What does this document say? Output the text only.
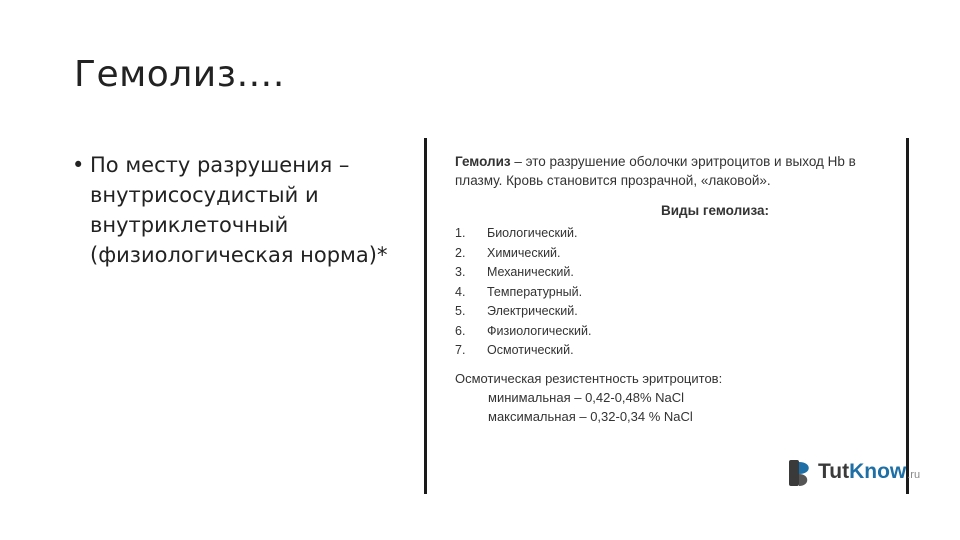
Гемолиз….
• По месту разрушения – внутрисосудистый и внутриклеточный (физиологическая норма)*

Гемолиз – это разрушение оболочки эритроцитов и выход Hb в плазму. Кровь становится прозрачной, «лаковой».

Виды гемолиза:
1. Биологический.
2. Химический.
3. Механический.
4. Температурный.
5. Электрический.
6. Физиологический.
7. Осмотический.
Осмотическая резистентность эритроцитов:
минимальная – 0,42-0,48% NaCl
максимальная – 0,32-0,34 % NaCl
TutKnow.ru
